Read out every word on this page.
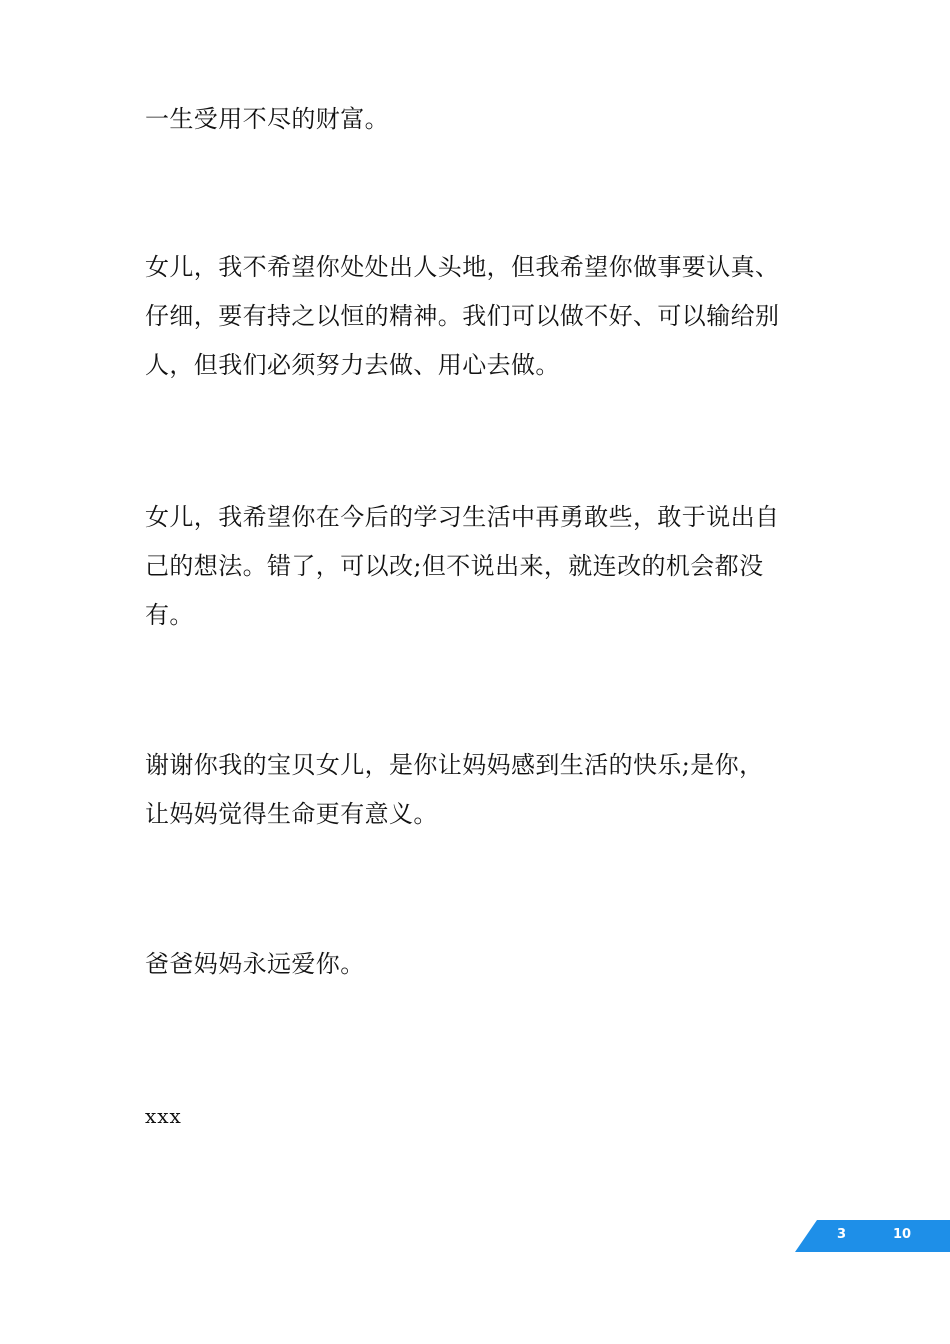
一生受用不尽的财富。
女儿，我不希望你处处出人头地，但我希望你做事要认真、
仔细，要有持之以恒的精神。我们可以做不好、可以输给别
人，但我们必须努力去做、用心去做。
女儿，我希望你在今后的学习生活中再勇敢些，敢于说出自
己的想法。错了，可以改;但不说出来，就连改的机会都没
有。
谢谢你我的宝贝女儿，是你让妈妈感到生活的快乐;是你，
让妈妈觉得生命更有意义。
爸爸妈妈永远爱你。
xxx
3	10
